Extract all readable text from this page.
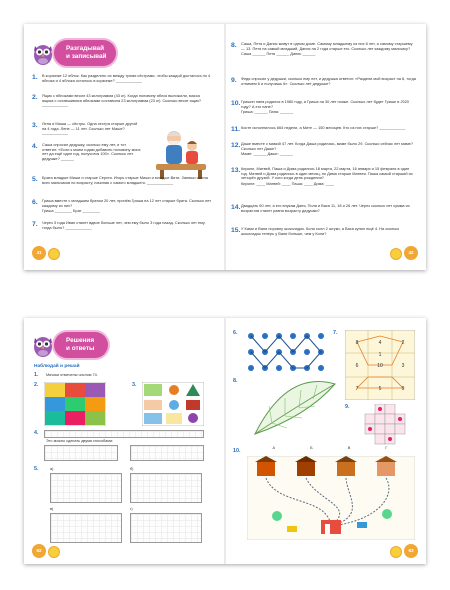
Разгадывай
и записывай
1.	В корзинке 12 яблок. Как разделить их между тремя сёстрами, чтобы каждой досталось по 4 яблока и 4 яблока осталось в корзинке? ____________
2.	Ящик с яблоками весил 43 килограмма (43 кг). Когда половину яблок выложили, масса ящика с оставшимися яблоками составила 23 килограмма (23 кг). Сколько весит ящик? ____________
3.	Лена и Маша — сёстры. Одна сестра старше другой на 4 года. Лене — 11 лет. Сколько лет Маше? ____________
4.	Саша спросил дедушку, сколько ему лет, и тот ответил: «Если к моим годам добавить половину моих лет да ещё один год, получится 100». Сколько лет дедушке? ______
5.	Брата младше Миши и старше Сергея. Игорь старше Миши и младше Вити. Запиши имена всех мальчиков по возрасту, начиная с самого младшего. ____________
6.	Гриша вместе с младшим братом 20 лет, причём Гриша на 12 лет старше брата. Сколько лет каждому из них?
Гриша ________ Брат ________
7.	Через 3 года Иван станет вдвое больше лет, чем ему было 3 года назад. Сколько лет ему тогда было? ____________
41
8.	Саша, Петя и Данис живут в одном доме. Самому младшему из них 6 лет, а самому старшему — 13. Петя на самый младший, Данис на 2 года старше его. Сколько лет каждому мальчику?
Саша ______ Петя ______ Данис ______
9.	Федя спросил у дедушки, сколько ему лет, и дедушка ответил: «Раздели мой возраст на 6, тогда отнимем 6 и получишь 6». Сколько лет дедушке?
10. Гришин папа родился в 1980 году, а Гриша на 30 лет позже. Сколько лет будет Грише в 2020 году? А его папе?
Гриша: ______ Папа: ______
11. Косте исполнилось 664 недели, а Мите — 150 месяцев. Кто из них старше? ____________
12. Даше вместе с мамой 47 лет. Когда Даша родилась, маме было 29. Сколько сейчас лет маме? Сколько лет Даше?
Маме: ______ Даше: ______
13. Кирилл, Матвей, Паша и Дима родились 18 марта, 22 марта, 16 января и 15 февраля в один год. Матвей и Дима родились в один месяц, но Дима старше Матвея. Паша самый старший из четырёх друзей. У кого когда день рождения?
Кирилл: ____ Матвей: ____ Паша: ____ Дима: ____
14. Двадцать 60 лет, а его внукам Даня, Поля и Вася 11, 18 и 26 лет. Через сколько лет сумма их возрастов станет равна возрасту дедушки?
15. У Ками и Вани поровну шоколадок. Коля съел 2 штуки, а Вася купил ещё 4. На сколько шоколадок теперь у Вани больше, чем у Коли?
42
Решения
и ответы
Наблюдай и решай
1. Мячики отмечены числом 74.
2.	3.
4.
Это можно сделать двумя способами:
5.	а)	б)
в)	г)
62
6.	7.
8	4	2
6	10	3
7	5	9
1
8.
9.
10.	А	Б	В	Г
63
